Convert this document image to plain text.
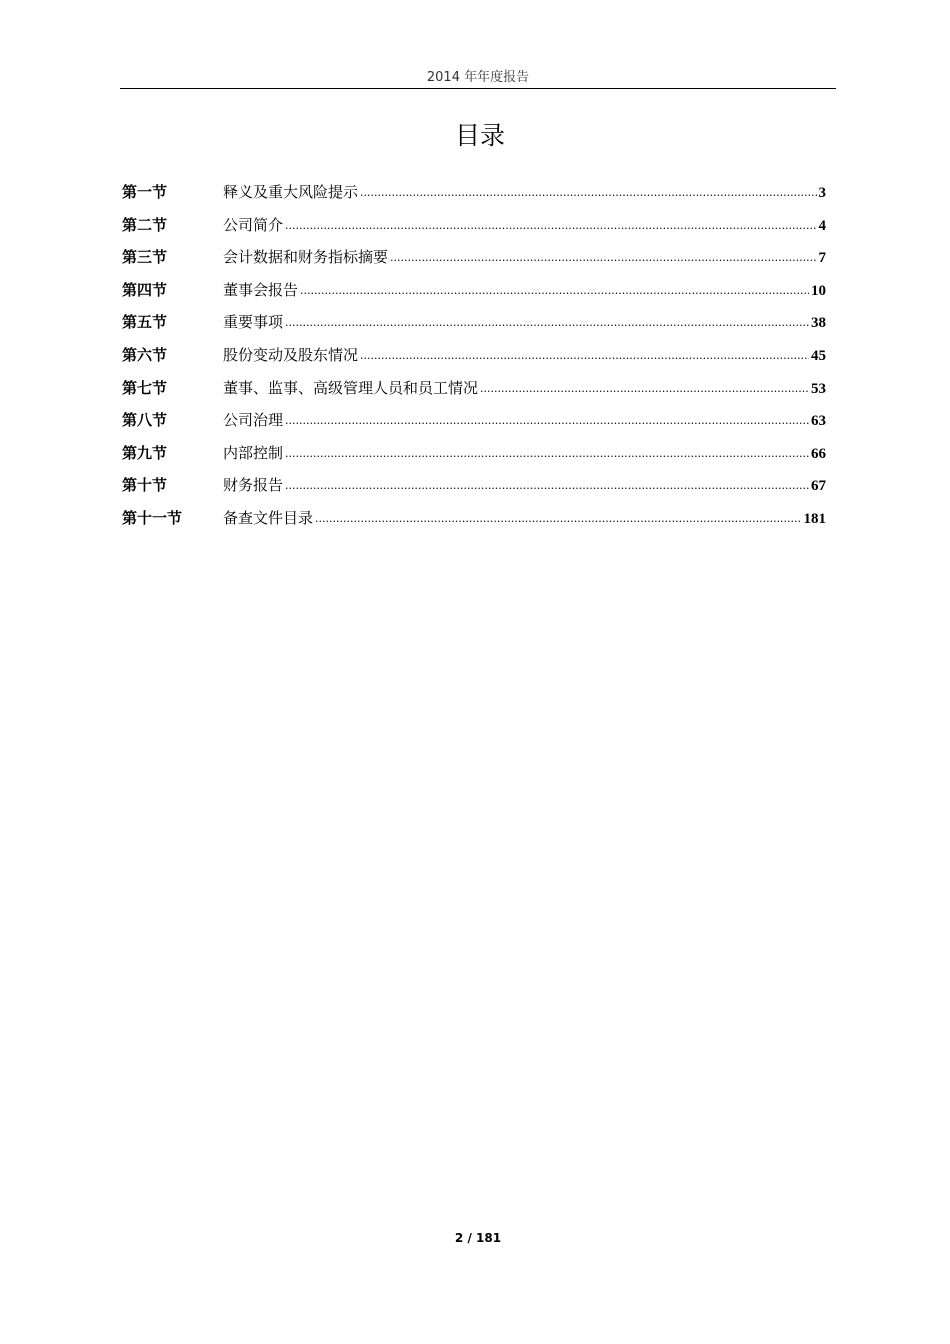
2014 年年度报告
目录
第一节	释义及重大风险提示 .....	3
第二节	公司简介 .....	4
第三节	会计数据和财务指标摘要 .....	7
第四节	董事会报告 .....	10
第五节	重要事项 .....	38
第六节	股份变动及股东情况 .....	45
第七节	董事、监事、高级管理人员和员工情况 .....	53
第八节	公司治理 .....	63
第九节	内部控制 .....	66
第十节	财务报告 .....	67
第十一节	备查文件目录 .....	181
2 / 181
